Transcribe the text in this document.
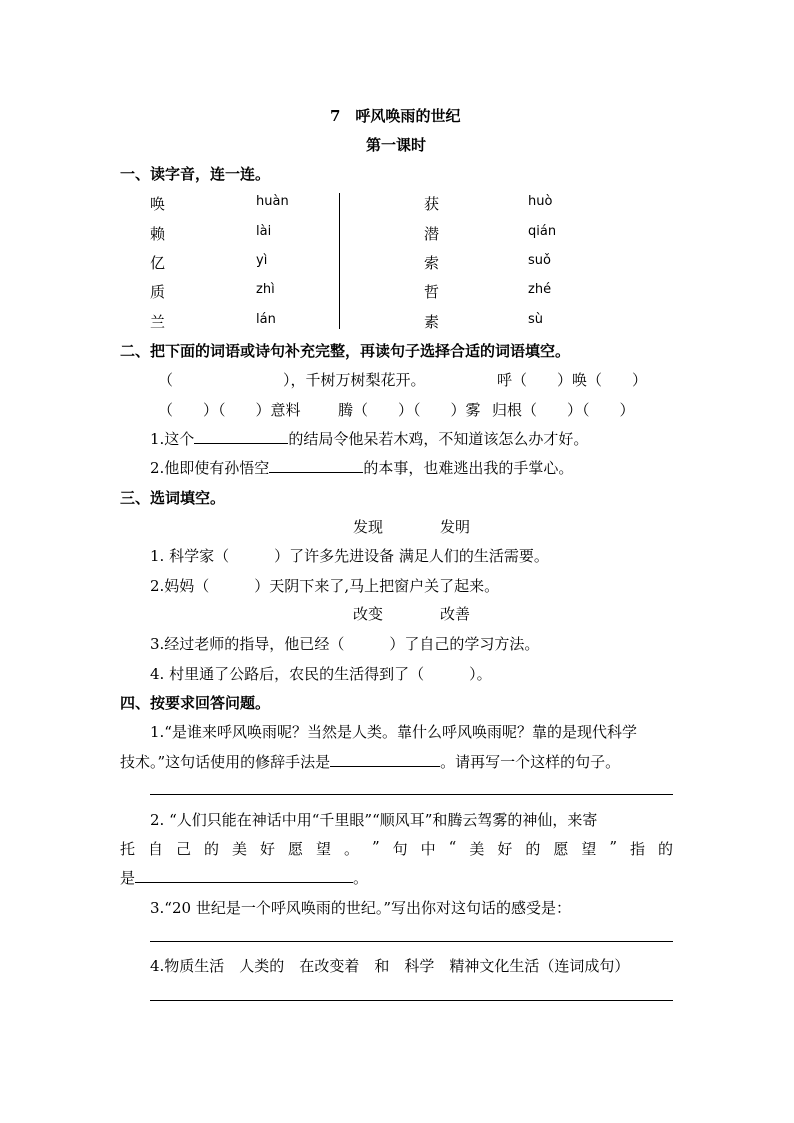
7　呼风唤雨的世纪
第一课时
一、读字音，连一连。
唤	huàn
赖	lài
亿	yì
质	zhì
兰	lán
获	huò
潜	qián
索	suǒ
哲	zhé
素	sù
二、把下面的词语或诗句补充完整，再读句子选择合适的词语填空。
（	），千树万树梨花开。	呼（　　）唤（　　）
（　　）（　　）意料 腾（　　）（　　）雾 归根（　　）（　　）
1.这个	的结局令他呆若木鸡，不知道该怎么办才好。
2.他即使有孙悟空	的本事，也难逃出我的手掌心。
三、选词填空。
发现	发明
1. 科学家（　　　）了许多先进设备 满足人们的生活需要。
2.妈妈（　　　）天阴下来了,马上把窗户关了起来。
改变	改善
3.经过老师的指导，他已经（　　　）了自己的学习方法。
4. 村里通了公路后，农民的生活得到了（　　　）。
四、按要求回答问题。
1.“是谁来呼风唤雨呢？当然是人类。靠什么呼风唤雨呢？靠的是现代科学
技术。”这句话使用的修辞手法是	。请再写一个这样的句子。
2. “人们只能在神话中用“千里眼”“顺风耳”和腾云驾雾的神仙，来寄
托 自 己 的 美 好 愿 望 。 ” 句 中 “ 美 好 的 愿 望 ” 指 的
是	。
3.“20 世纪是一个呼风唤雨的世纪。”写出你对这句话的感受是：
4.物质生活　人类的　在改变着　和　科学　精神文化生活（连词成句）
